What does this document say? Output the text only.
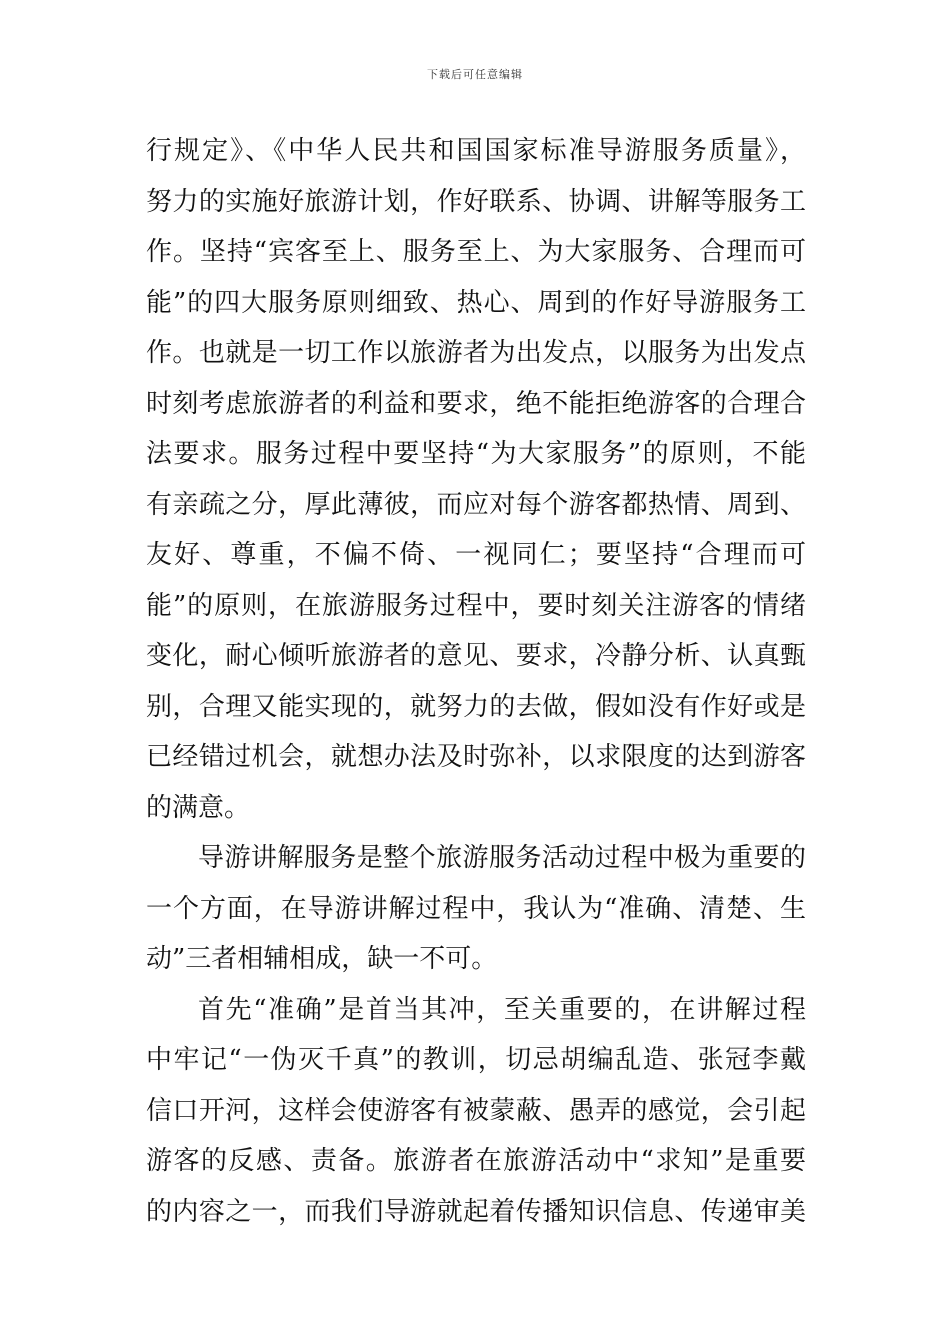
下载后可任意编辑
行规定》、《中华人民共和国国家标准导游服务质量》，
努力的实施好旅游计划，作好联系、协调、讲解等服务工
作。坚持“宾客至上、服务至上、为大家服务、合理而可
能”的四大服务原则细致、热心、周到的作好导游服务工
作。也就是一切工作以旅游者为出发点，以服务为出发点
时刻考虑旅游者的利益和要求，绝不能拒绝游客的合理合
法要求。服务过程中要坚持“为大家服务”的原则，不能
有亲疏之分，厚此薄彼，而应对每个游客都热情、周到、
友好、尊重，不偏不倚、一视同仁；要坚持“合理而可
能”的原则，在旅游服务过程中，要时刻关注游客的情绪
变化，耐心倾听旅游者的意见、要求，冷静分析、认真甄
别，合理又能实现的，就努力的去做，假如没有作好或是
已经错过机会，就想办法及时弥补，以求限度的达到游客
的满意。
导游讲解服务是整个旅游服务活动过程中极为重要的
一个方面，在导游讲解过程中，我认为“准确、清楚、生
动”三者相辅相成，缺一不可。
首先“准确”是首当其冲，至关重要的，在讲解过程
中牢记“一伪灭千真”的教训，切忌胡编乱造、张冠李戴
信口开河，这样会使游客有被蒙蔽、愚弄的感觉，会引起
游客的反感、责备。旅游者在旅游活动中“求知”是重要
的内容之一，而我们导游就起着传播知识信息、传递审美
